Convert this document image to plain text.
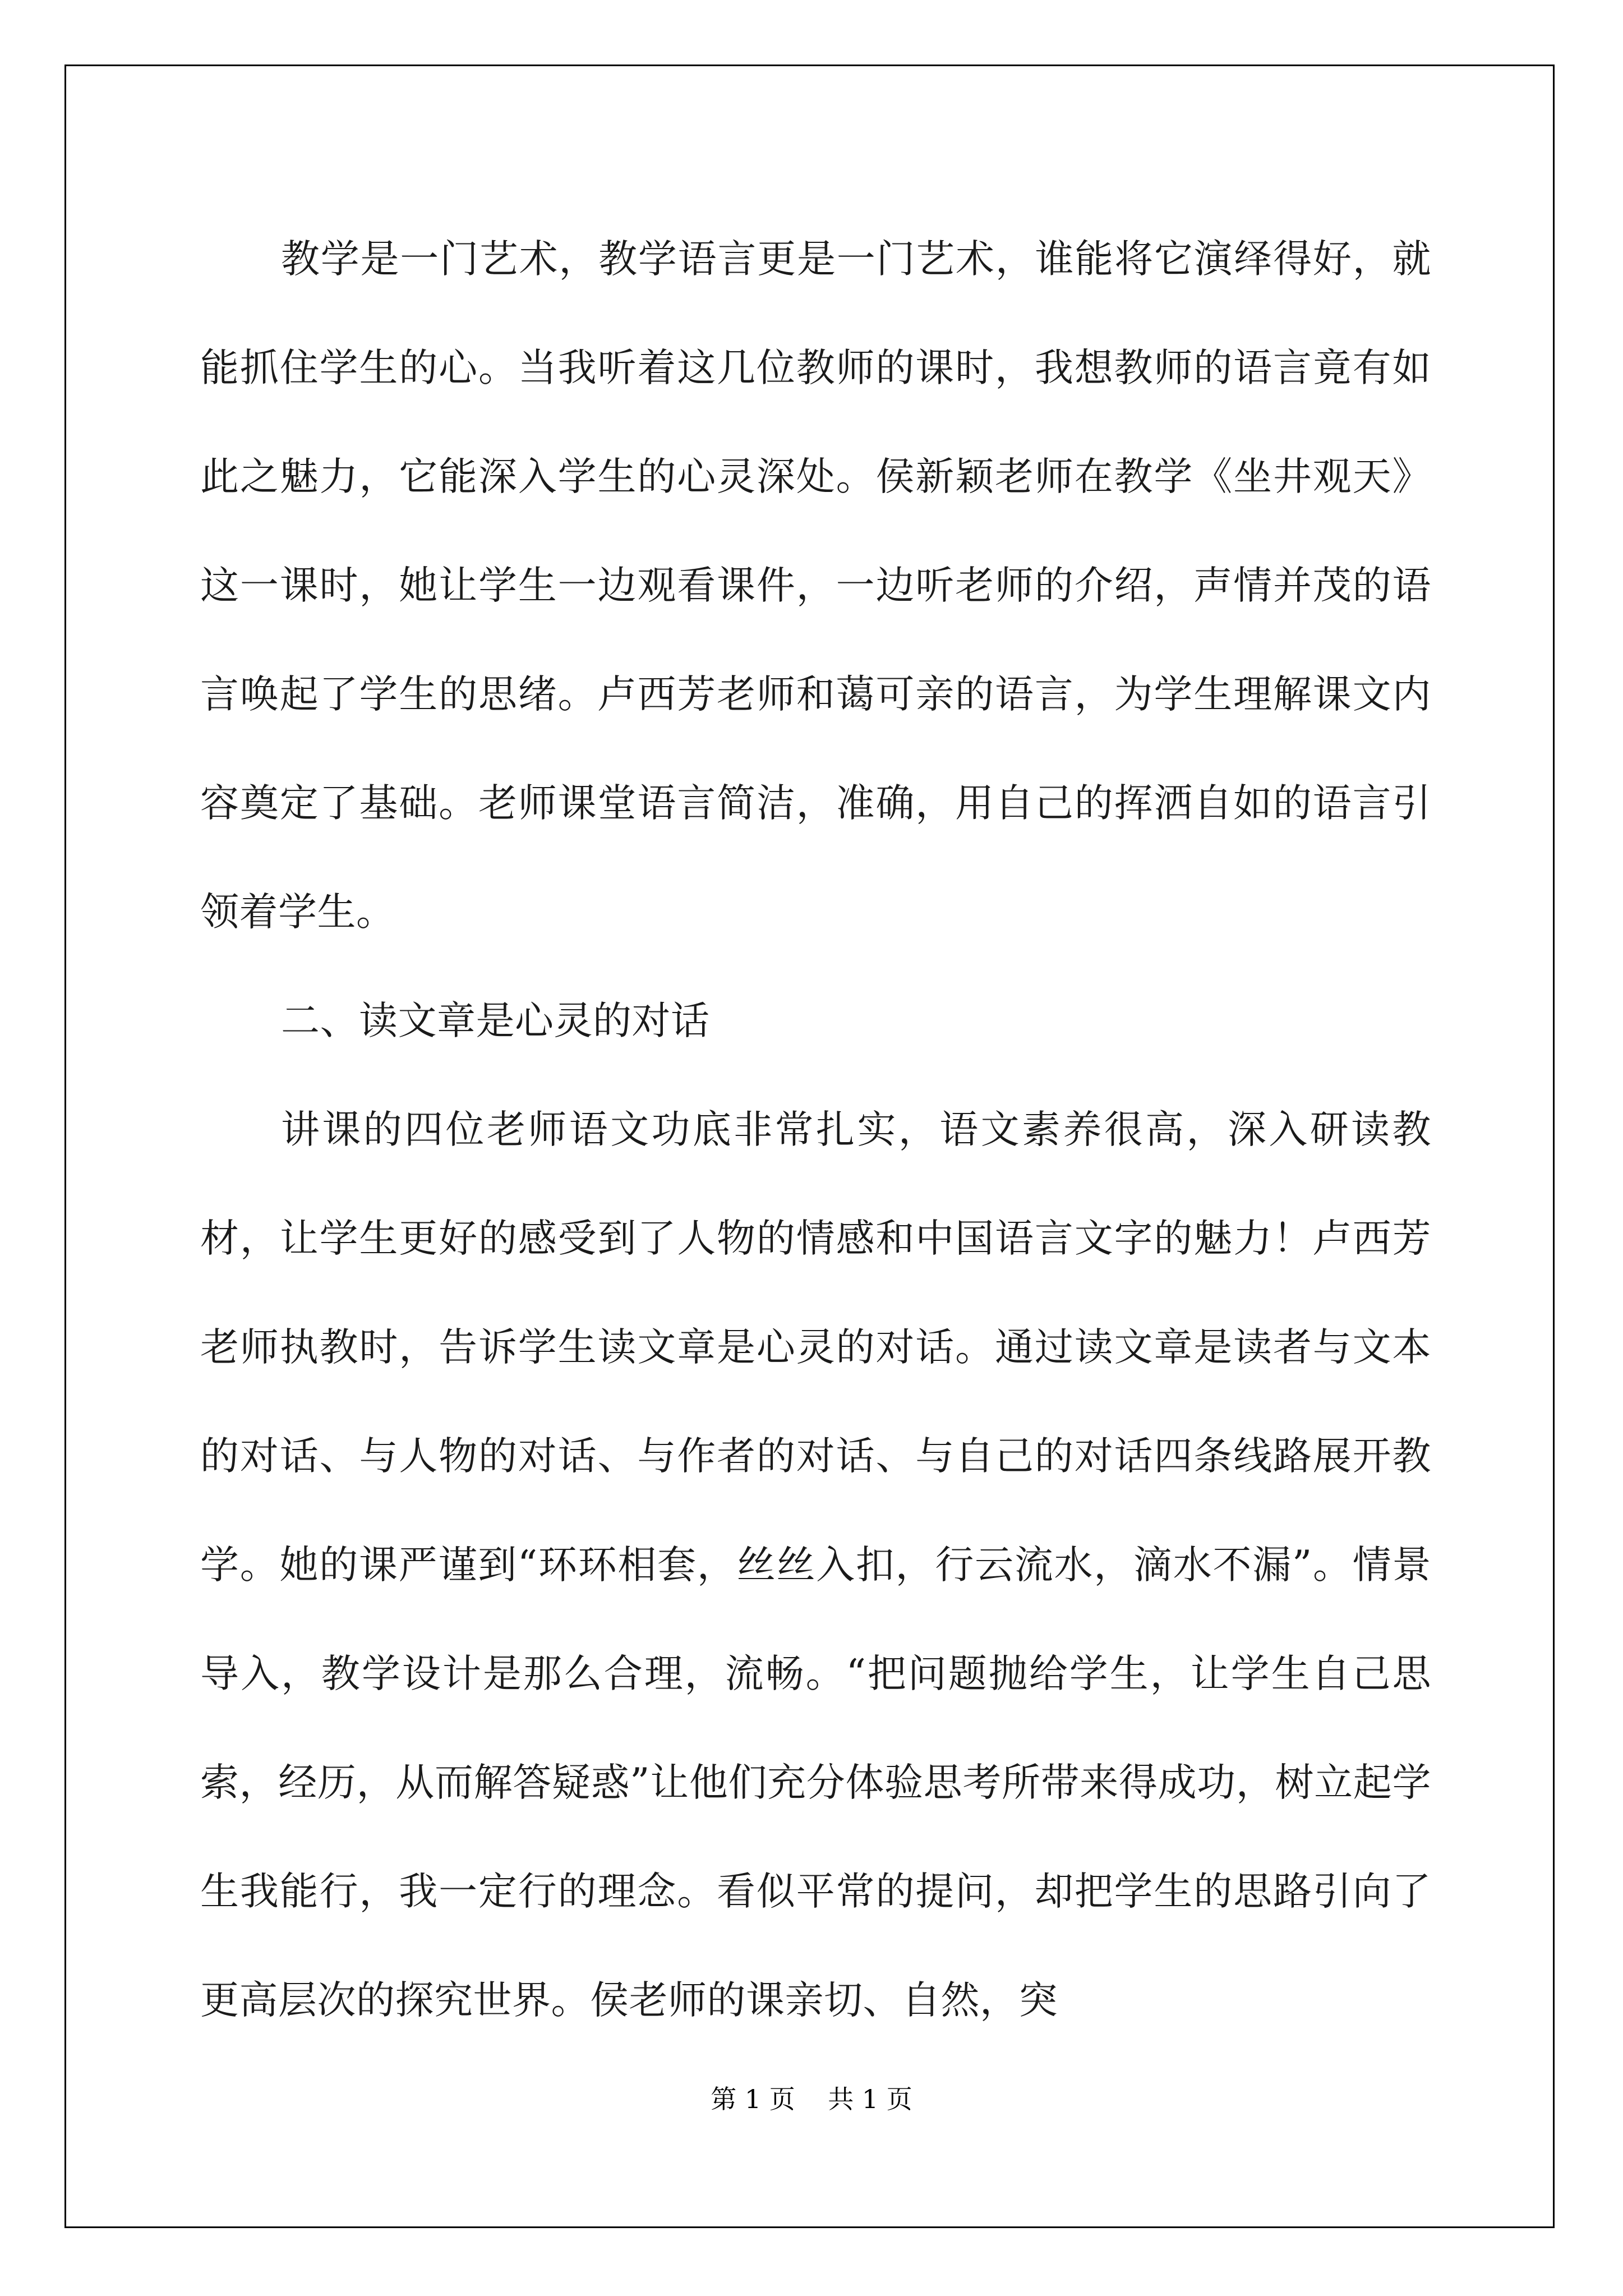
教学是一门艺术，教学语言更是一门艺术，谁能将它演绎得好，就能抓住学生的心。当我听着这几位教师的课时，我想教师的语言竟有如此之魅力，它能深入学生的心灵深处。侯新颖老师在教学《坐井观天》这一课时，她让学生一边观看课件，一边听老师的介绍，声情并茂的语言唤起了学生的思绪。卢西芳老师和蔼可亲的语言，为学生理解课文内容奠定了基础。老师课堂语言简洁，准确，用自己的挥洒自如的语言引领着学生。

二、读文章是心灵的对话

讲课的四位老师语文功底非常扎实，语文素养很高，深入研读教材，让学生更好的感受到了人物的情感和中国语言文字的魅力！卢西芳老师执教时，告诉学生读文章是心灵的对话。通过读文章是读者与文本的对话、与人物的对话、与作者的对话、与自己的对话四条线路展开教学。她的课严谨到“环环相套，丝丝入扣，行云流水，滴水不漏”。情景导入，教学设计是那么合理，流畅。“把问题抛给学生，让学生自己思索，经历，从而解答疑惑”让他们充分体验思考所带来得成功，树立起学生我能行，我一定行的理念。看似平常的提问，却把学生的思路引向了更高层次的探究世界。侯老师的课亲切、自然，突

第 1 页    共 1 页
